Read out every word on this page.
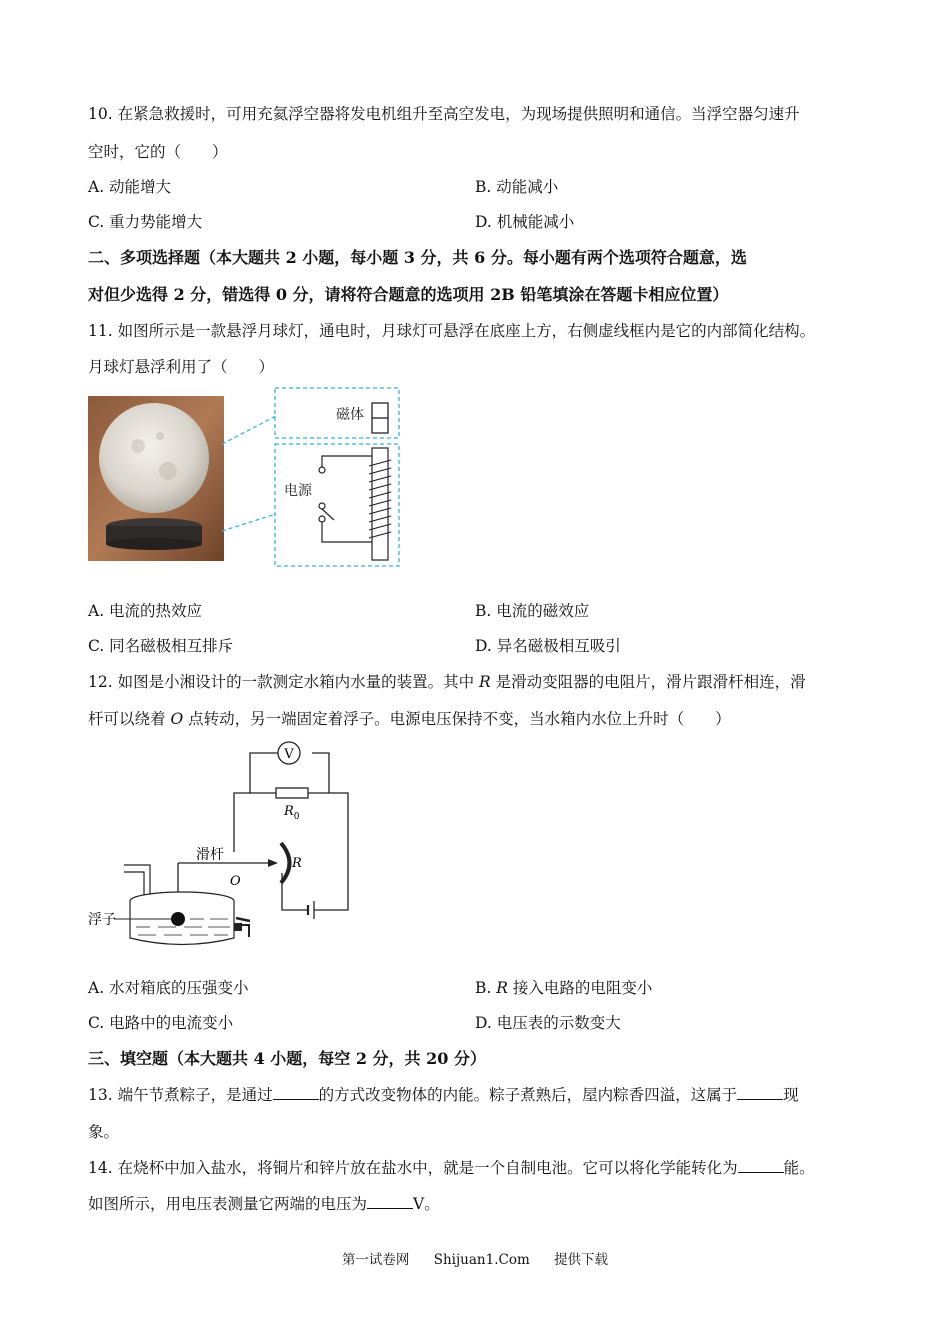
10. 在紧急救援时，可用充氦浮空器将发电机组升至高空发电，为现场提供照明和通信。当浮空器匀速升
空时，它的（　　）
A. 动能增大	B. 动能减小
C. 重力势能增大	D. 机械能减小
二、多项选择题（本大题共 2 小题，每小题 3 分，共 6 分。每小题有两个选项符合题意，选
对但少选得 2 分，错选得 0 分，请将符合题意的选项用 2B 铅笔填涂在答题卡相应位置）
11. 如图所示是一款悬浮月球灯，通电时，月球灯可悬浮在底座上方，右侧虚线框内是它的内部简化结构。
月球灯悬浮利用了（　　）
磁体
电源
A. 电流的热效应	B. 电流的磁效应
C. 同名磁极相互排斥	D. 异名磁极相互吸引
12. 如图是小湘设计的一款测定水箱内水量的装置。其中 R 是滑动变阻器的电阻片，滑片跟滑杆相连，滑
杆可以绕着 O 点转动，另一端固定着浮子。电源电压保持不变，当水箱内水位上升时（　　）
V
$R_0$
R
滑杆
O
浮子
A. 水对箱底的压强变小	B. R 接入电路的电阻变小
C. 电路中的电流变小	D. 电压表的示数变大
三、填空题（本大题共 4 小题，每空 2 分，共 20 分）
13. 端午节煮粽子，是通过	的方式改变物体的内能。粽子煮熟后，屋内粽香四溢，这属于	现
象。
14. 在烧杯中加入盐水，将铜片和锌片放在盐水中，就是一个自制电池。它可以将化学能转化为	能。
如图所示，用电压表测量它两端的电压为	V。
第一试卷网 Shijuan1.Com 提供下载
